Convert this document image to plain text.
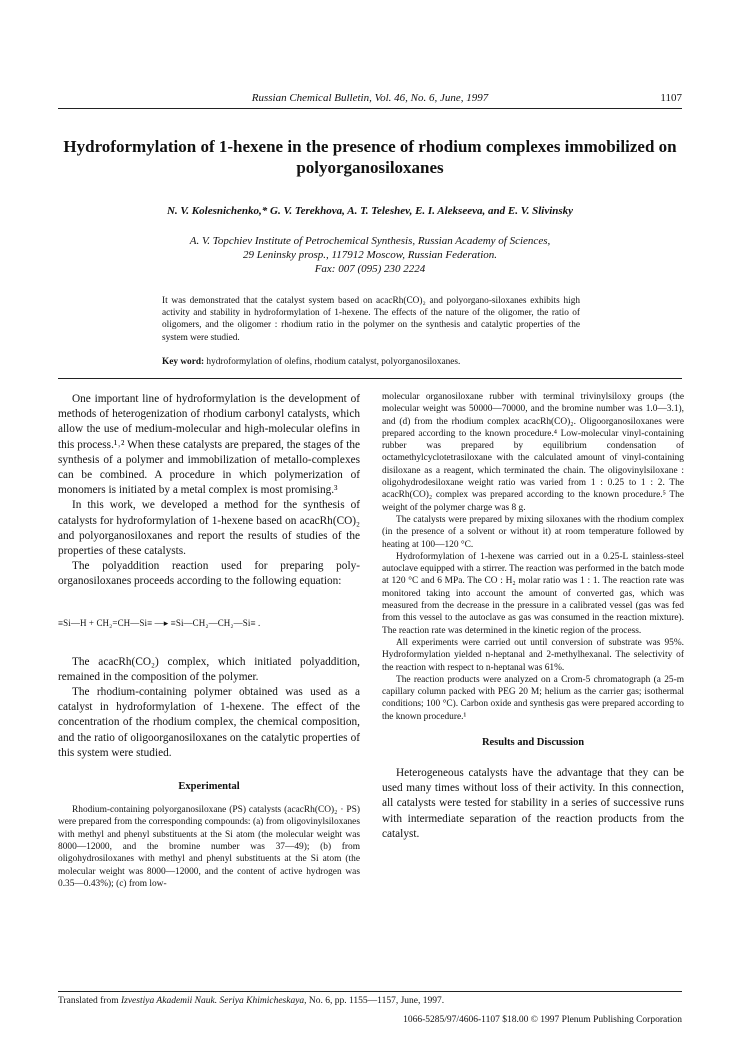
Russian Chemical Bulletin, Vol. 46, No. 6, June, 1997	1107
Hydroformylation of 1-hexene in the presence of rhodium complexes immobilized on polyorganosiloxanes
N. V. Kolesnichenko,* G. V. Terekhova, A. T. Teleshev, E. I. Alekseeva, and E. V. Slivinsky
A. V. Topchiev Institute of Petrochemical Synthesis, Russian Academy of Sciences,
29 Leninsky prosp., 117912 Moscow, Russian Federation.
Fax: 007 (095) 230 2224
It was demonstrated that the catalyst system based on acacRh(CO)₂ and polyorgano-siloxanes exhibits high activity and stability in hydroformylation of 1-hexene. The effects of the nature of the oligomer, the ratio of oligomers, and the oligomer : rhodium ratio in the polymer on the synthesis and catalytic properties of the system were studied.
Key word: hydroformylation of olefins, rhodium catalyst, polyorganosiloxanes.

One important line of hydroformylation is the development of methods of heterogenization of rhodium carbonyl catalysts, which allow the use of medium-molecular and high-molecular olefins in this process.¹˒² When these catalysts are prepared, the stages of the synthesis of a polymer and immobilization of metallo-complexes can be combined. A procedure in which polymerization of monomers is initiated by a metal complex is most promising.³

In this work, we developed a method for the synthesis of catalysts for hydroformylation of 1-hexene based on acacRh(CO)₂ and polyorganosiloxanes and report the results of studies of the properties of these catalysts.

The polyaddition reaction used for preparing poly-organosiloxanes proceeds according to the following equation:

≡Si—H + CH₂=CH—Si≡ —▸ ≡Si—CH₂—CH₂—Si≡ .

The acacRh(CO₂) complex, which initiated polyaddition, remained in the composition of the polymer.

The rhodium-containing polymer obtained was used as a catalyst in hydroformylation of 1-hexene. The effect of the concentration of the rhodium complex, the chemical composition, and the ratio of oligoorganosiloxanes on the catalytic properties of this system were studied.

Experimental

Rhodium-containing polyorganosiloxane (PS) catalysts (acacRh(CO)₂ · PS) were prepared from the corresponding compounds: (a) from oligovinylsiloxanes with methyl and phenyl substituents at the Si atom (the molecular weight was 8000—12000, and the bromine number was 37—49); (b) from oligohydrosiloxanes with methyl and phenyl substituents at the Si atom (the molecular weight was 8000—12000, and the content of active hydrogen was 0.35—0.43%); (c) from low-

molecular organosiloxane rubber with terminal trivinylsiloxy groups (the molecular weight was 50000—70000, and the bromine number was 1.0—3.1), and (d) from the rhodium complex acacRh(CO)₂. Oligoorganosiloxanes were prepared according to the known procedure.⁴ Low-molecular vinyl-containing rubber was prepared by equilibrium condensation of octamethylcyclotetrasiloxane with the calculated amount of vinyl-containing disiloxane as a reagent, which terminated the chain. The oligovinylsiloxane : oligohydrodesiloxane weight ratio was varied from 1 : 0.25 to 1 : 2. The acacRh(CO)₂ complex was prepared according to the known procedure.⁵ The weight of the polymer charge was 8 g.

The catalysts were prepared by mixing siloxanes with the rhodium complex (in the presence of a solvent or without it) at room temperature followed by heating at 100—120 °C.

Hydroformylation of 1-hexene was carried out in a 0.25-L stainless-steel autoclave equipped with a stirrer. The reaction was performed in the batch mode at 120 °C and 6 MPa. The CO : H₂ molar ratio was 1 : 1. The reaction rate was monitored taking into account the amount of converted gas, which was measured from the decrease in the pressure in a calibrated vessel (gas was fed from this vessel to the autoclave as gas was consumed in the reaction mixture). The reaction rate was determined in the kinetic region of the process.

All experiments were carried out until conversion of substrate was 95%. Hydroformylation yielded n-heptanal and 2-methylhexanal. The selectivity of the reaction with respect to n-heptanal was 61%.

The reaction products were analyzed on a Crom-5 chromatograph (a 25-m capillary column packed with PEG 20 M; helium as the carrier gas; isothermal conditions; 100 °C). Carbon oxide and synthesis gas were prepared according to the known procedure.¹

Results and Discussion

Heterogeneous catalysts have the advantage that they can be used many times without loss of their activity. In this connection, all catalysts were tested for stability in a series of successive runs with intermediate separation of the reaction products from the catalyst.

Translated from Izvestiya Akademii Nauk. Seriya Khimicheskaya, No. 6, pp. 1155—1157, June, 1997.
1066-5285/97/4606-1107 $18.00 © 1997 Plenum Publishing Corporation
